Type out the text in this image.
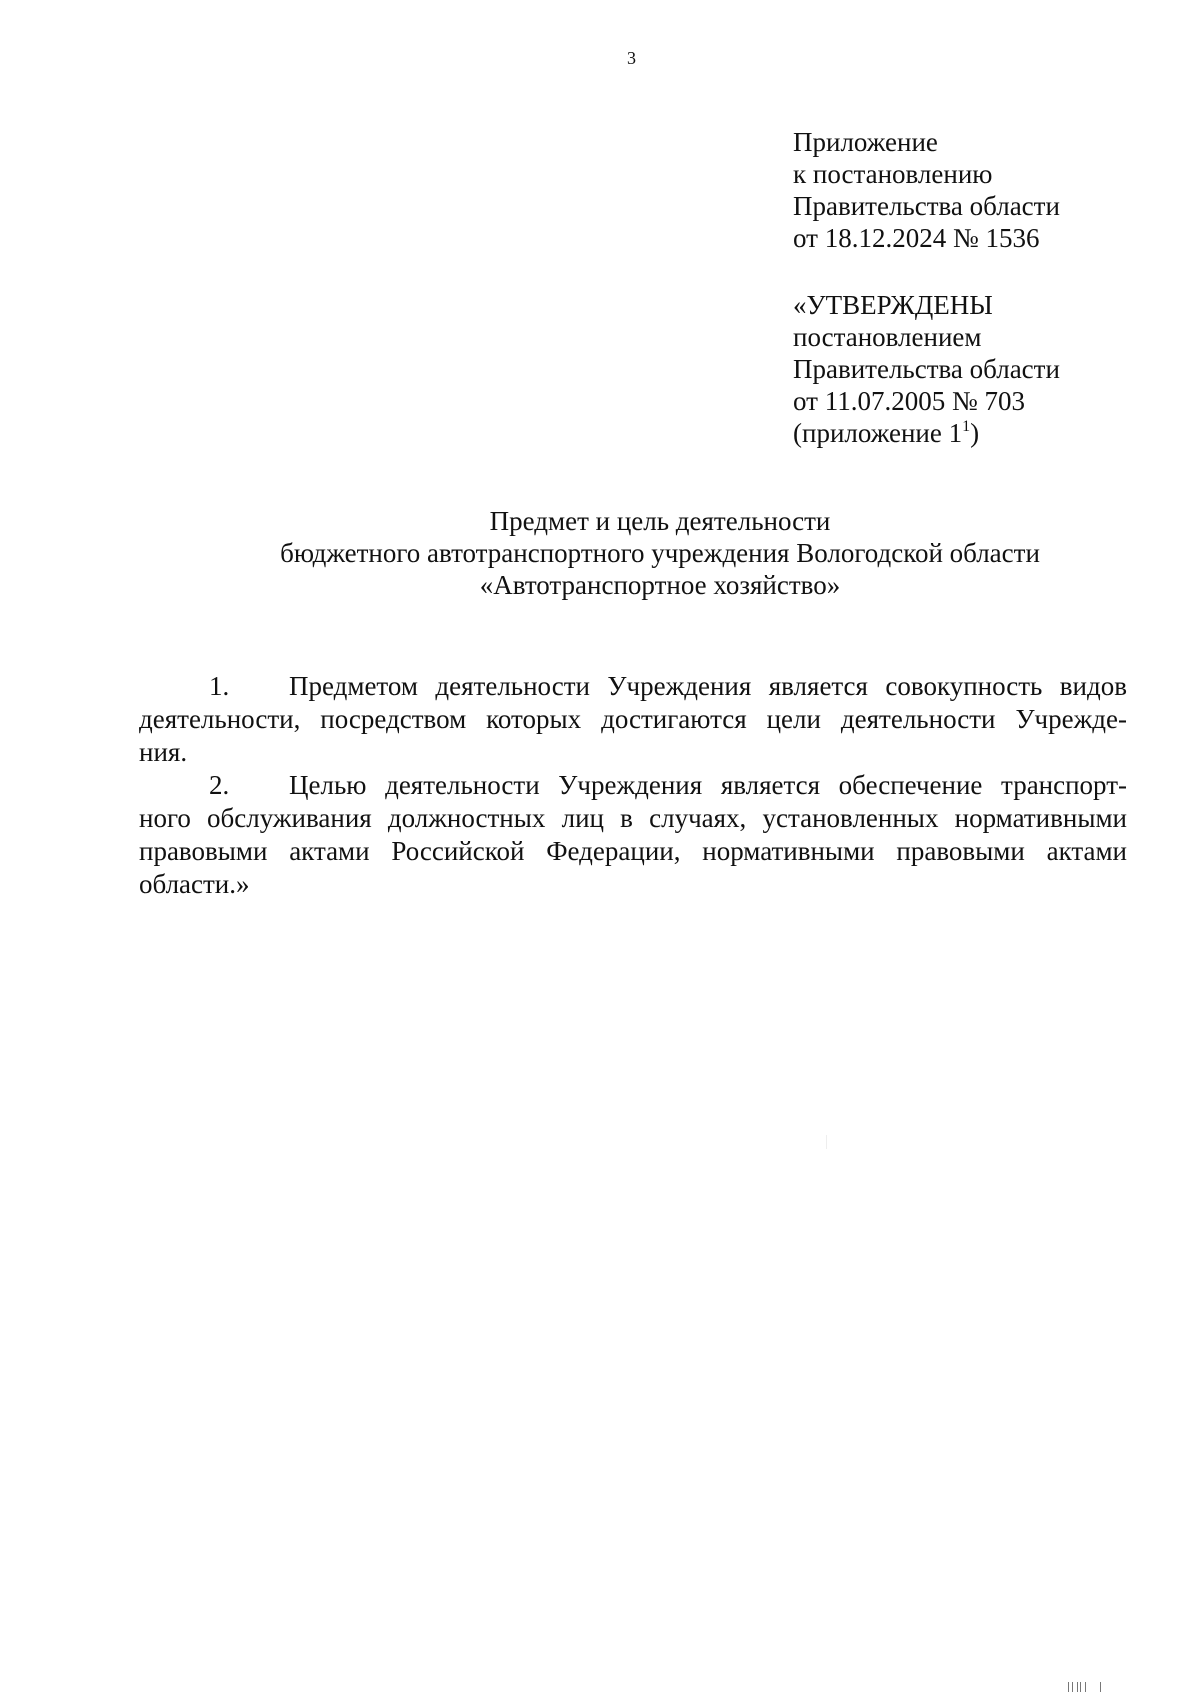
3
Приложение
к постановлению
Правительства области
от 18.12.2024 № 1536
«УТВЕРЖДЕНЫ
постановлением
Правительства области
от 11.07.2005 № 703
(приложение $1^1$)
Предмет и цель деятельности
бюджетного автотранспортного учреждения Вологодской области
«Автотранспортное хозяйство»
1.	Предметом деятельности Учреждения является совокупность видов
деятельности, посредством которых достигаются цели деятельности Учрежде-
ния.
2.	Целью деятельности Учреждения является обеспечение транспорт-
ного обслуживания должностных лиц в случаях, установленных нормативными
правовыми актами Российской Федерации, нормативными правовыми актами
области.»
